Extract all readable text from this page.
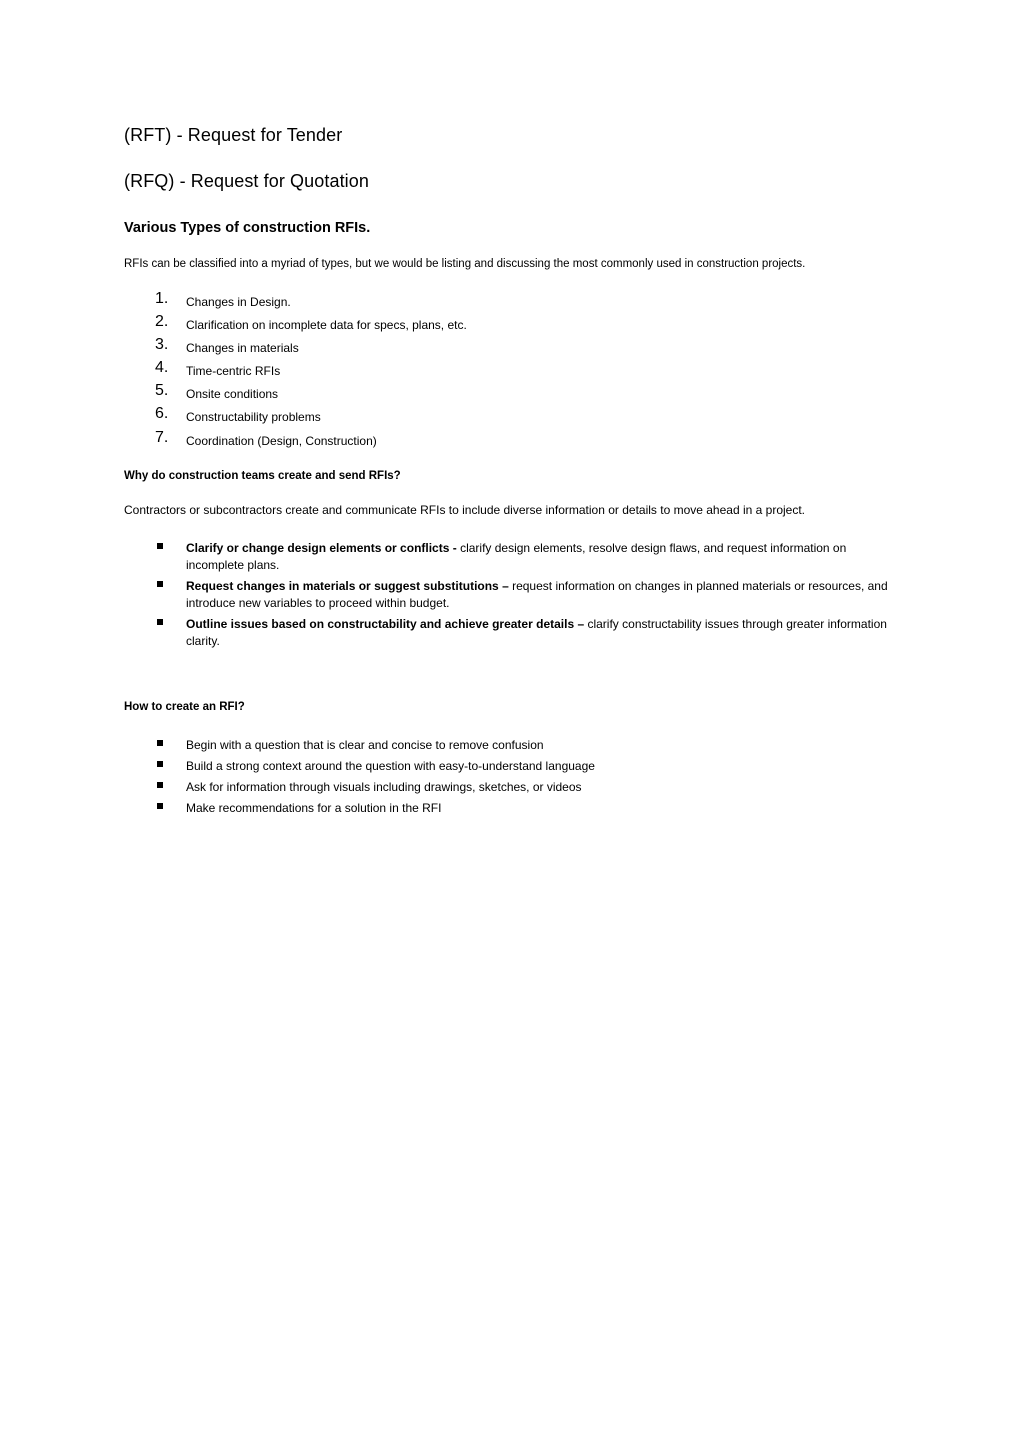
(RFT) - Request for Tender
(RFQ) - Request for Quotation
Various Types of construction RFIs.

RFIs can be classified into a myriad of types, but we would be listing and discussing the most commonly used in construction projects.

1. Changes in Design.
2. Clarification on incomplete data for specs, plans, etc.
3. Changes in materials
4. Time-centric RFIs
5. Onsite conditions
6. Constructability problems
7. Coordination (Design, Construction)
Why do construction teams create and send RFIs?

Contractors or subcontractors create and communicate RFIs to include diverse information or details to move ahead in a project.

Clarify or change design elements or conflicts - clarify design elements, resolve design flaws, and request information on incomplete plans.
Request changes in materials or suggest substitutions – request information on changes in planned materials or resources, and introduce new variables to proceed within budget.
Outline issues based on constructability and achieve greater details – clarify constructability issues through greater information clarity.
How to create an RFI?
Begin with a question that is clear and concise to remove confusion
Build a strong context around the question with easy-to-understand language
Ask for information through visuals including drawings, sketches, or videos
Make recommendations for a solution in the RFI
